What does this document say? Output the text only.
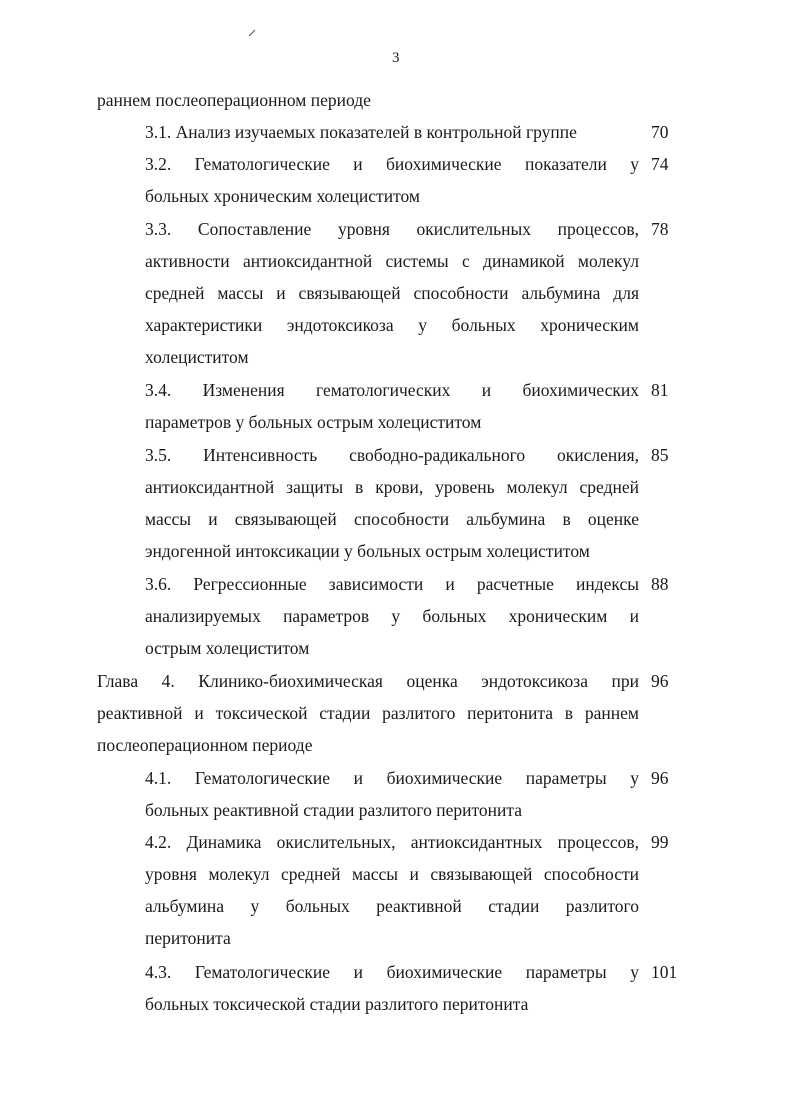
3
раннем послеоперационном периоде
3.1. Анализ изучаемых показателей в контрольной группе	70
3.2. Гематологические и биохимические показатели у
больных хроническим холециститом
74
3.3. Сопоставление уровня окислительных процессов,
активности антиоксидантной системы с динамикой молекул
средней массы и связывающей способности альбумина для
характеристики эндотоксикоза у больных хроническим
холециститом
78
3.4. Изменения гематологических и биохимических
параметров у больных острым холециститом
81
3.5. Интенсивность свободно-радикального окисления,
антиоксидантной защиты в крови, уровень молекул средней
массы и связывающей способности альбумина в оценке
эндогенной интоксикации у больных острым холециститом
85
3.6. Регрессионные зависимости и расчетные индексы
анализируемых параметров у больных хроническим и
острым холециститом
88
Глава 4. Клинико-биохимическая оценка эндотоксикоза при
реактивной и токсической стадии разлитого перитонита в раннем
послеоперационном периоде
96
4.1. Гематологические и биохимические параметры у
больных реактивной стадии разлитого перитонита
96
4.2. Динамика окислительных, антиоксидантных процессов,
уровня молекул средней массы и связывающей способности
альбумина у больных реактивной стадии разлитого
перитонита
99
4.3. Гематологические и биохимические параметры у
больных токсической стадии разлитого перитонита
101
